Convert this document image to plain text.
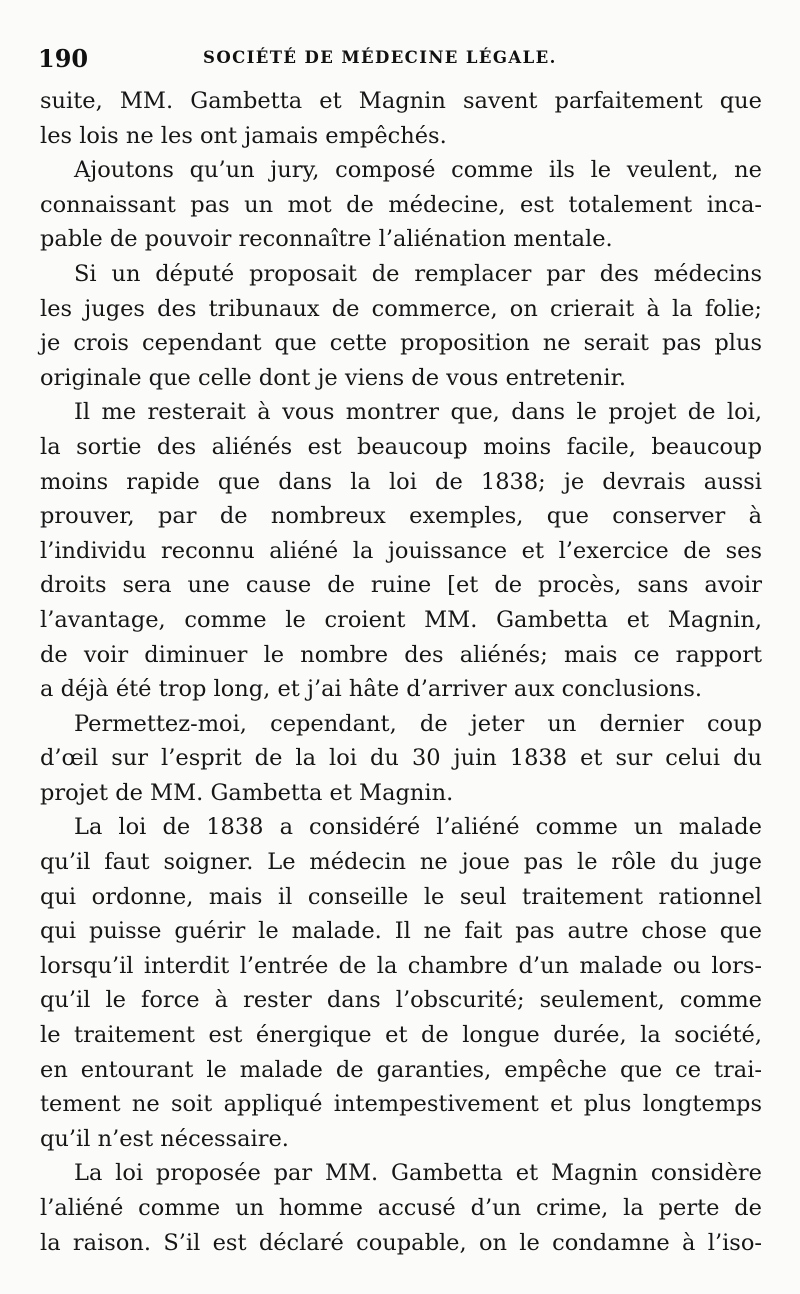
190	SOCIÉTÉ DE MÉDECINE LÉGALE.
suite, MM. Gambetta et Magnin savent parfaitement que
les lois ne les ont jamais empêchés.
Ajoutons qu’un jury, composé comme ils le veulent, ne
connaissant pas un mot de médecine, est totalement inca-
pable de pouvoir reconnaître l’aliénation mentale.
Si un député proposait de remplacer par des médecins
les juges des tribunaux de commerce, on crierait à la folie;
je crois cependant que cette proposition ne serait pas plus
originale que celle dont je viens de vous entretenir.
Il me resterait à vous montrer que, dans le projet de loi,
la sortie des aliénés est beaucoup moins facile, beaucoup
moins rapide que dans la loi de 1838; je devrais aussi
prouver, par de nombreux exemples, que conserver à
l’individu reconnu aliéné la jouissance et l’exercice de ses
droits sera une cause de ruine [et de procès, sans avoir
l’avantage, comme le croient MM. Gambetta et Magnin,
de voir diminuer le nombre des aliénés; mais ce rapport
a déjà été trop long, et j’ai hâte d’arriver aux conclusions.
Permettez-moi, cependant, de jeter un dernier coup
d’œil sur l’esprit de la loi du 30 juin 1838 et sur celui du
projet de MM. Gambetta et Magnin.
La loi de 1838 a considéré l’aliéné comme un malade
qu’il faut soigner. Le médecin ne joue pas le rôle du juge
qui ordonne, mais il conseille le seul traitement rationnel
qui puisse guérir le malade. Il ne fait pas autre chose que
lorsqu’il interdit l’entrée de la chambre d’un malade ou lors-
qu’il le force à rester dans l’obscurité; seulement, comme
le traitement est énergique et de longue durée, la société,
en entourant le malade de garanties, empêche que ce trai-
tement ne soit appliqué intempestivement et plus longtemps
qu’il n’est nécessaire.
La loi proposée par MM. Gambetta et Magnin considère
l’aliéné comme un homme accusé d’un crime, la perte de
la raison. S’il est déclaré coupable, on le condamne à l’iso-
